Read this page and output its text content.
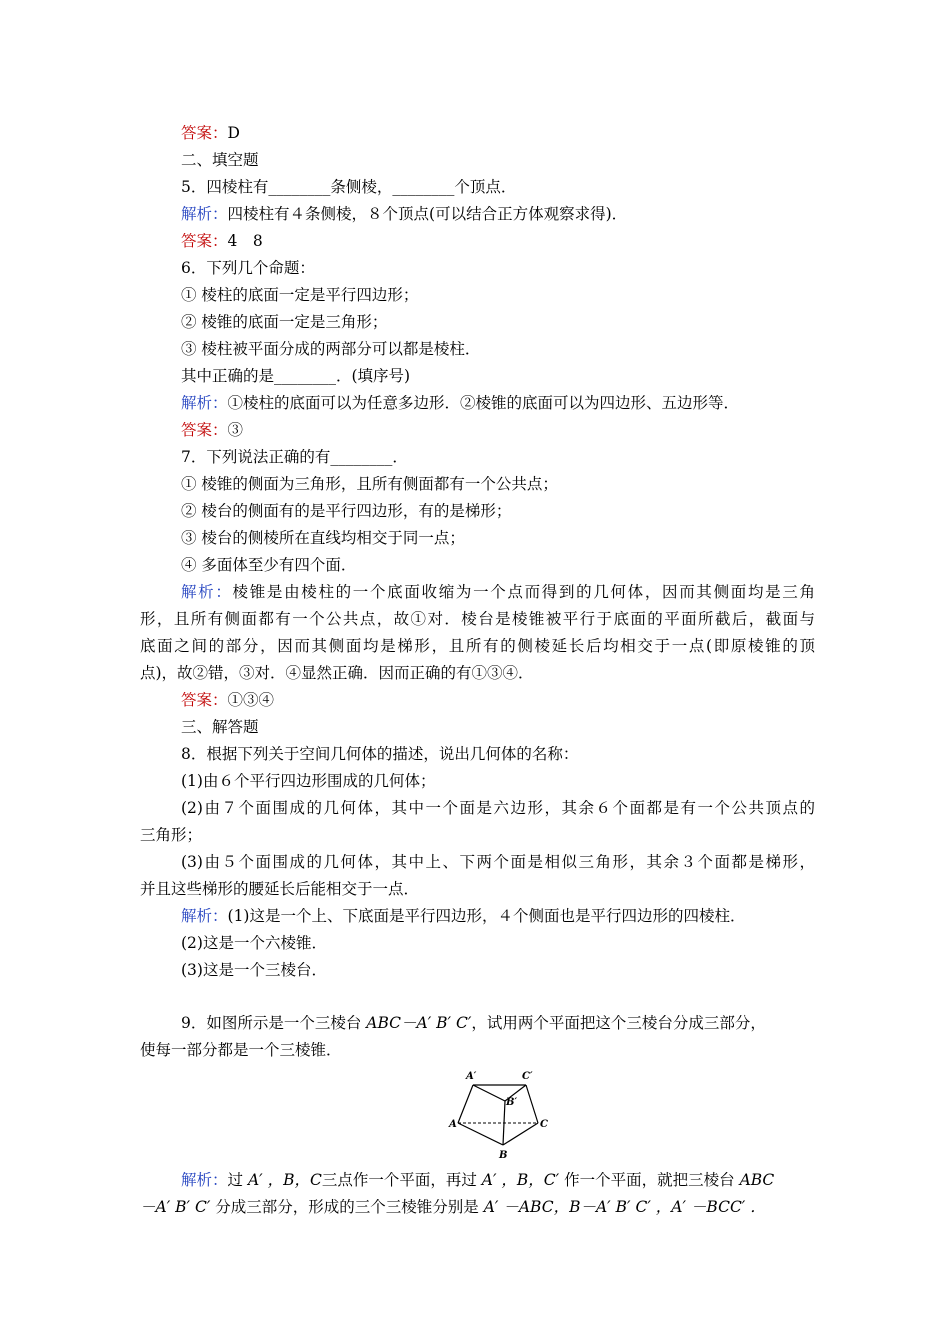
答案：D
二、填空题
5．四棱柱有________条侧棱，________个顶点．
解析：四棱柱有４条侧棱，８个顶点(可以结合正方体观察求得)．
答案：4　8
6．下列几个命题：
① 棱柱的底面一定是平行四边形；
② 棱锥的底面一定是三角形；
③ 棱柱被平面分成的两部分可以都是棱柱．
其中正确的是________．(填序号)
解析：①棱柱的底面可以为任意多边形．②棱锥的底面可以为四边形、五边形等．
答案：③
7．下列说法正确的有________．
① 棱锥的侧面为三角形，且所有侧面都有一个公共点；
② 棱台的侧面有的是平行四边形，有的是梯形；
③ 棱台的侧棱所在直线均相交于同一点；
④ 多面体至少有四个面．
解析：棱锥是由棱柱的一个底面收缩为一个点而得到的几何体，因而其侧面均是三角
形，且所有侧面都有一个公共点，故①对．棱台是棱锥被平行于底面的平面所截后，截面与
底面之间的部分，因而其侧面均是梯形，且所有的侧棱延长后均相交于一点(即原棱锥的顶
点)，故②错，③对．④显然正确．因而正确的有①③④．
答案：①③④
三、解答题
8．根据下列关于空间几何体的描述，说出几何体的名称：
(1)由６个平行四边形围成的几何体；
(2)由７个面围成的几何体，其中一个面是六边形，其余６个面都是有一个公共顶点的
三角形；
(3)由５个面围成的几何体，其中上、下两个面是相似三角形，其余３个面都是梯形，
并且这些梯形的腰延长后能相交于一点．
解析：(1)这是一个上、下底面是平行四边形，４个侧面也是平行四边形的四棱柱．
(2)这是一个六棱锥．
(3)这是一个三棱台．
9．如图所示是一个三棱台 ABC－A′ B′ C′，试用两个平面把这个三棱台分成三部分，
使每一部分都是一个三棱锥．
A′	C′
B′
A	C
B
解析：过 A′ ，B，C三点作一个平面，再过 A′ ，B，C′ 作一个平面，就把三棱台 ABC
－A′ B′ C′ 分成三部分，形成的三个三棱锥分别是 A′ －ABC，B－A′ B′ C′ ，A′ －BCC′ ．
